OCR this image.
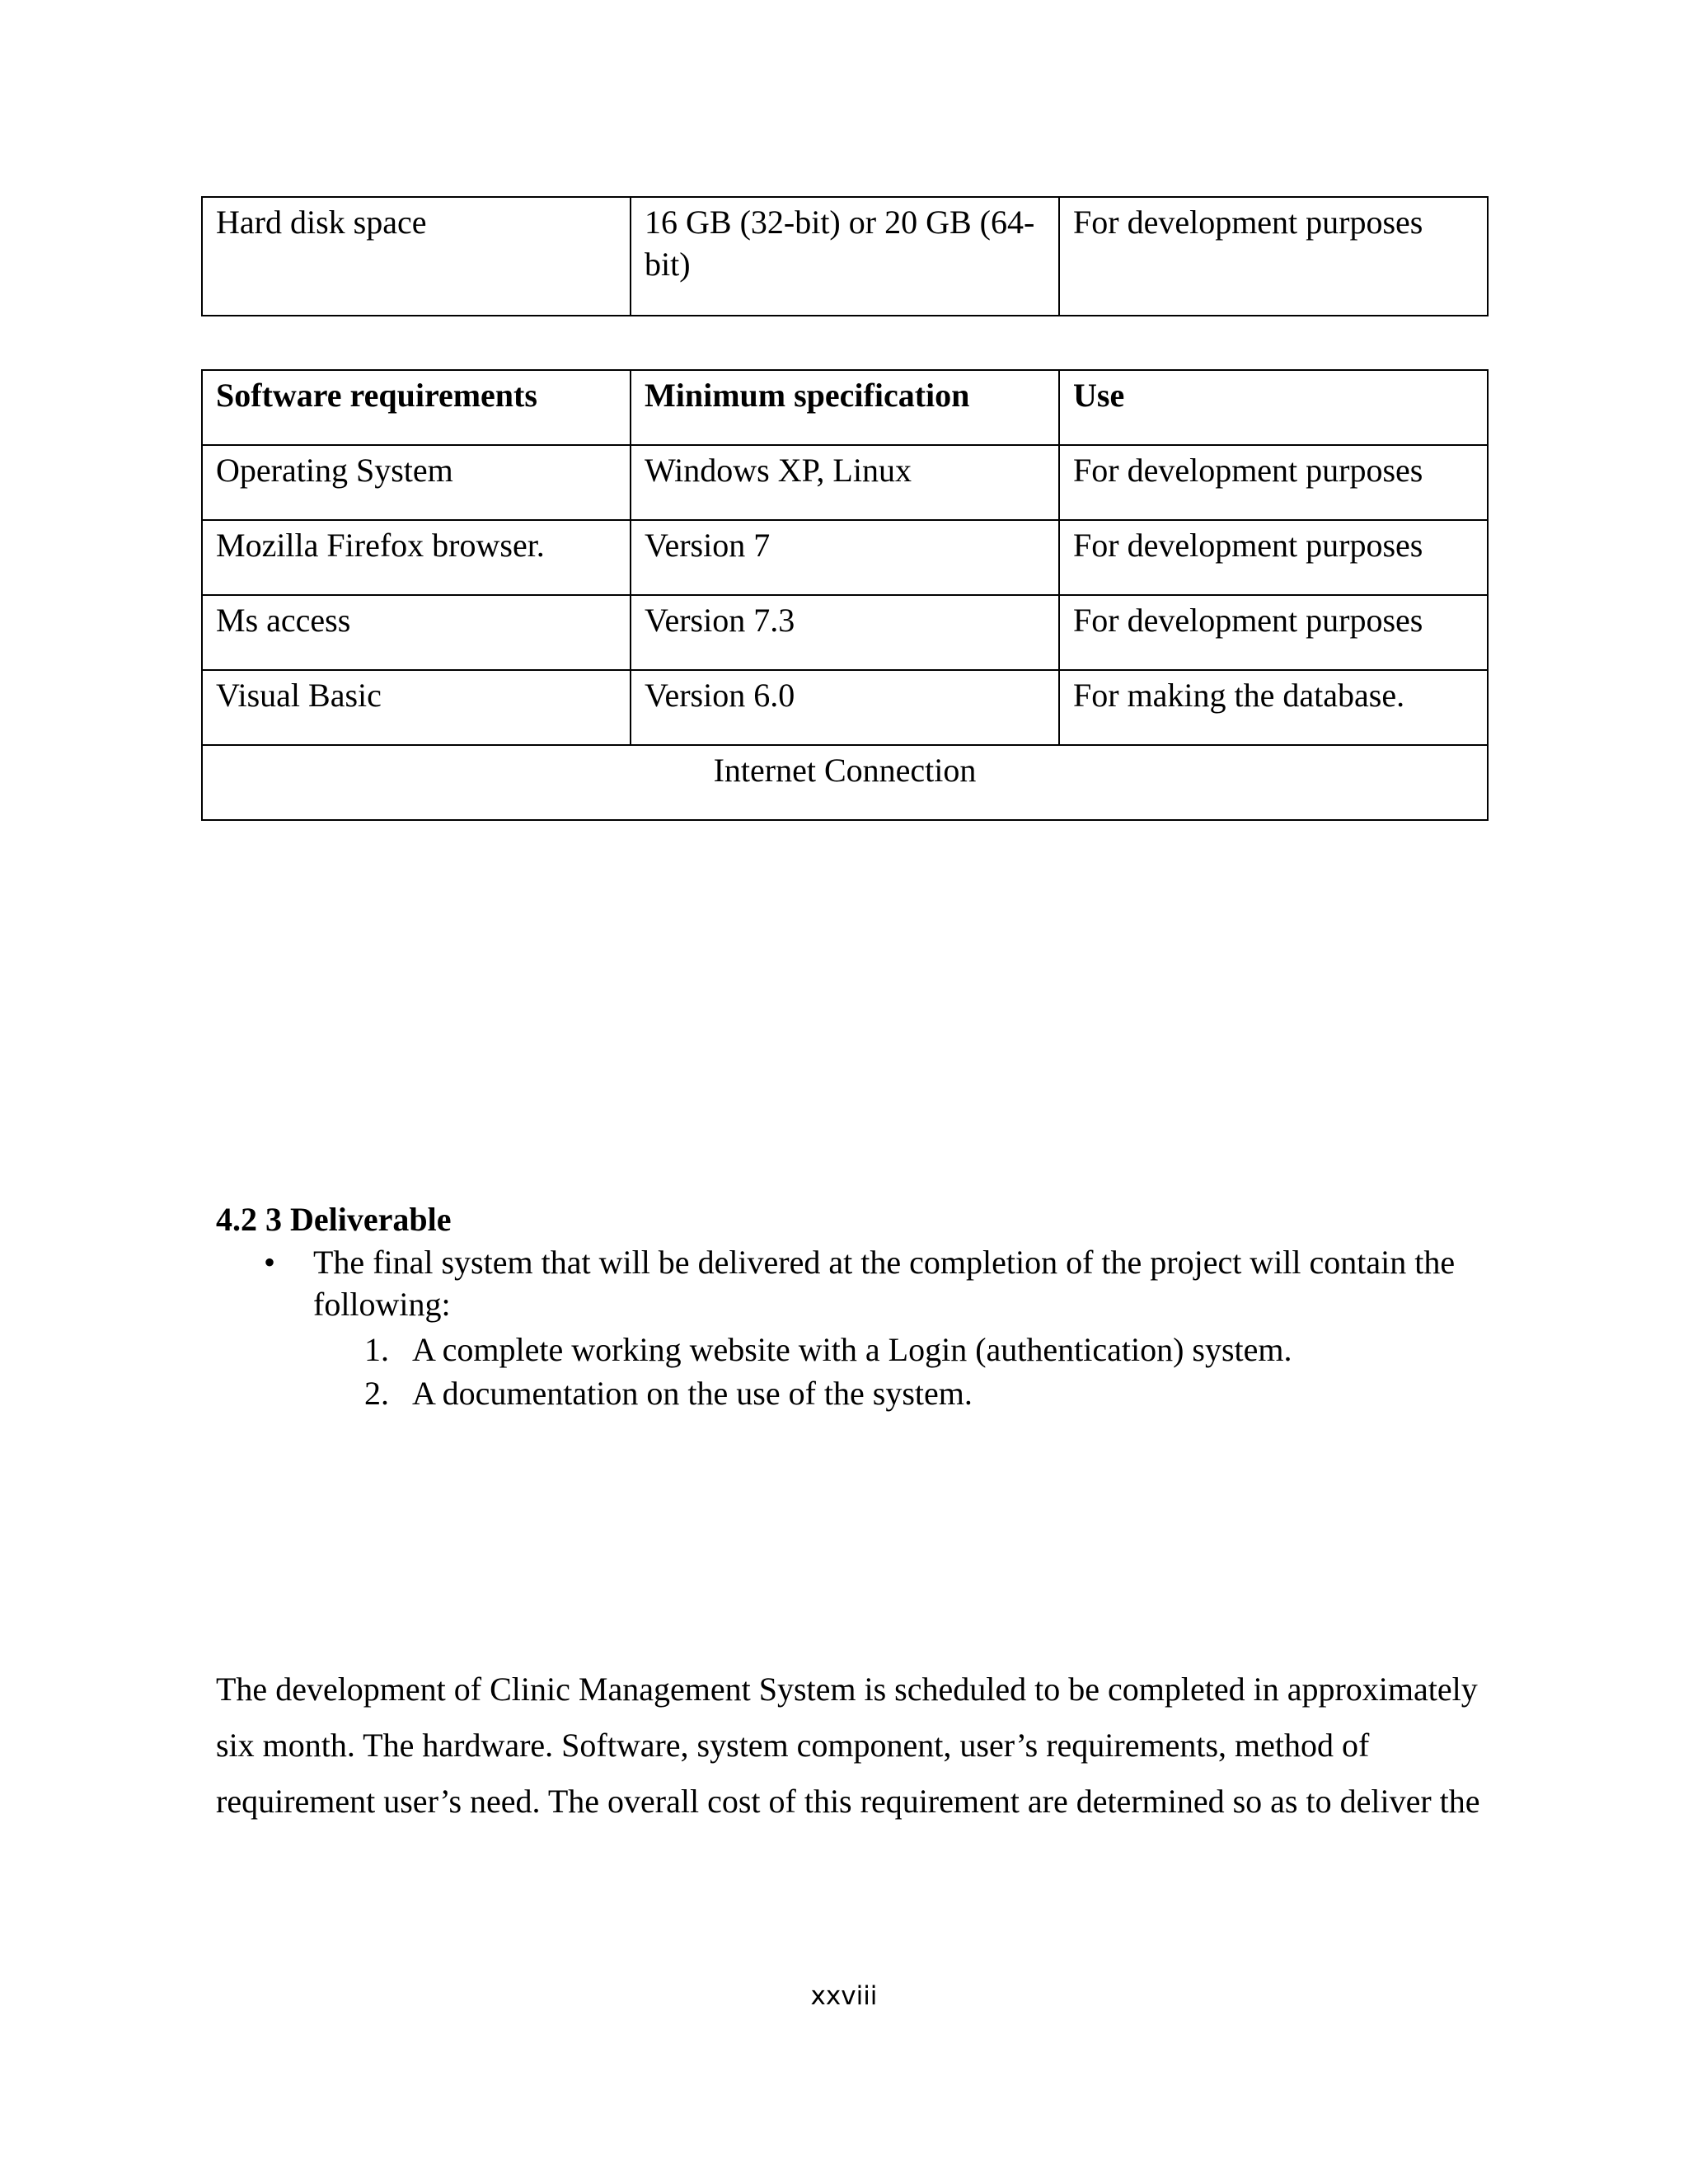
Hard disk space	16 GB (32-bit) or 20 GB (64-bit)	For development purposes
Software requirements	Minimum specification	Use
Operating System	Windows XP, Linux	For development purposes
Mozilla Firefox browser.	Version 7	For development purposes
Ms access	Version 7.3	For development purposes
Visual Basic	Version 6.0	For making the database.
Internet Connection		
4.2 3 Deliverable
• The final system that will be delivered at the completion of the project will contain the following:
1. A complete working website with a Login (authentication) system.
2. A documentation on the use of the system.
The development of Clinic Management System is scheduled to be completed in approximately
six month. The hardware. Software, system component, user’s requirements, method of
requirement user’s need. The overall cost of this requirement are determined so as to deliver the
xxviii
